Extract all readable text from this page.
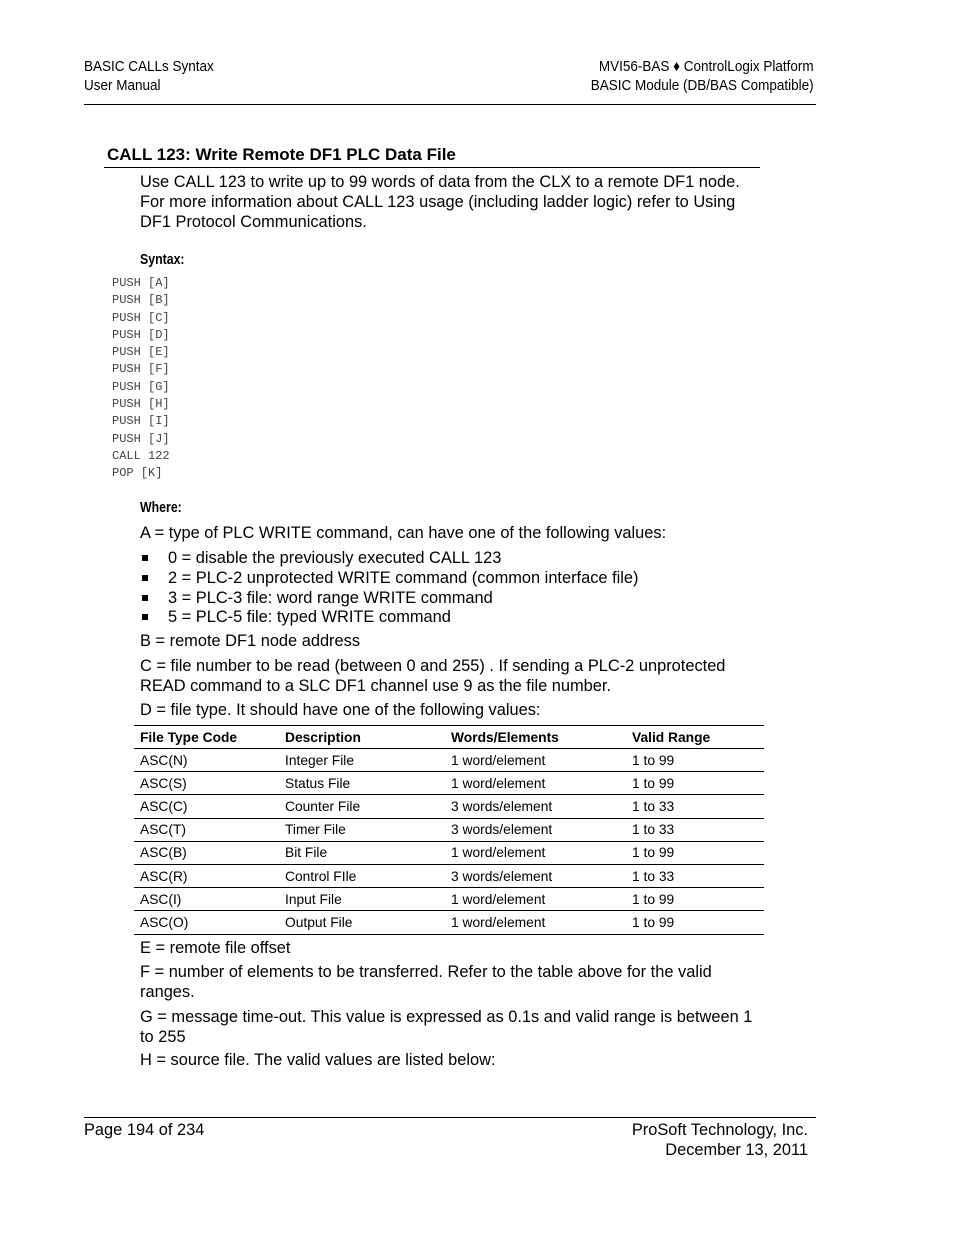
BASIC CALLs Syntax
User Manual
MVI56-BAS ♦ ControlLogix Platform
BASIC Module (DB/BAS Compatible)
CALL 123: Write Remote DF1 PLC Data File
Use CALL 123 to write up to 99 words of data from the CLX to a remote DF1 node. For more information about CALL 123 usage (including ladder logic) refer to Using DF1 Protocol Communications.
Syntax:
PUSH [A]
PUSH [B]
PUSH [C]
PUSH [D]
PUSH [E]
PUSH [F]
PUSH [G]
PUSH [H]
PUSH [I]
PUSH [J]
CALL 122
POP [K]
Where:
A = type of PLC WRITE command, can have one of the following values:
0 = disable the previously executed CALL 123
2 = PLC-2 unprotected WRITE command (common interface file)
3 = PLC-3 file: word range WRITE command
5 = PLC-5 file: typed WRITE command
B = remote DF1 node address
C = file number to be read (between 0 and 255) . If sending a PLC-2 unprotected READ command to a SLC DF1 channel use 9 as the file number.
D = file type. It should have one of the following values:
File Type Code	Description	Words/Elements	Valid Range
ASC(N)	Integer File	1 word/element	1 to 99
ASC(S)	Status File	1 word/element	1 to 99
ASC(C)	Counter File	3 words/element	1 to 33
ASC(T)	Timer File	3 words/element	1 to 33
ASC(B)	Bit File	1 word/element	1 to 99
ASC(R)	Control FIle	3 words/element	1 to 33
ASC(I)	Input File	1 word/element	1 to 99
ASC(O)	Output File	1 word/element	1 to 99
E = remote file offset
F = number of elements to be transferred. Refer to the table above for the valid ranges.
G = message time-out. This value is expressed as 0.1s and valid range is between 1 to 255
H = source file. The valid values are listed below:
Page 194 of 234	ProSoft Technology, Inc.
December 13, 2011
